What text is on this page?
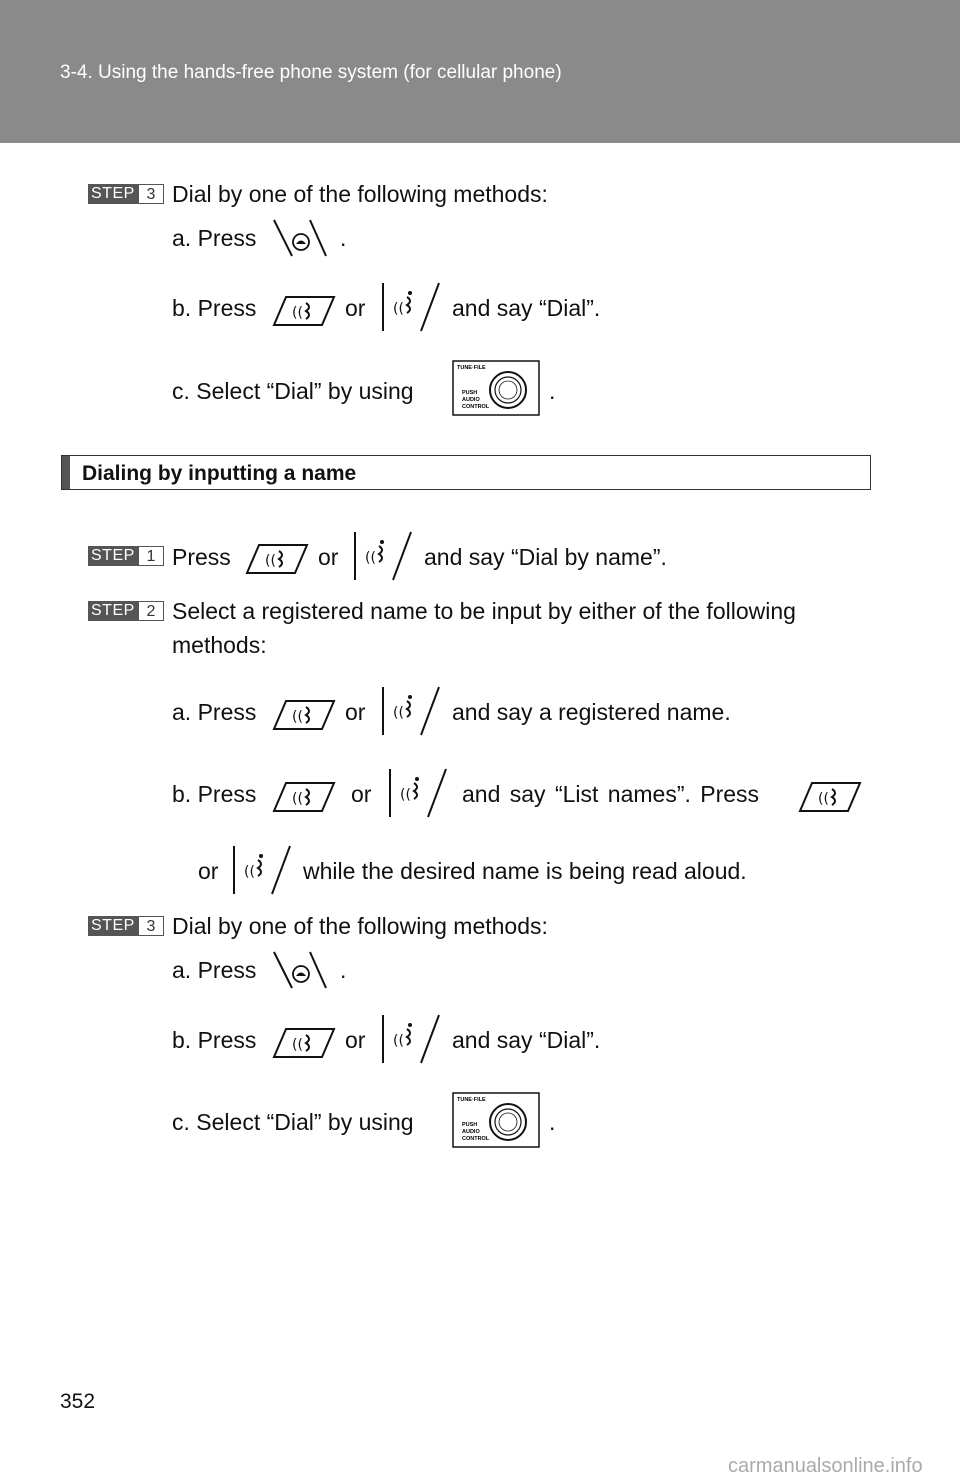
3-4. Using the hands-free phone system (for cellular phone)
STEP 3 Dial by one of the following methods:
a. Press	.
b. Press	(( or (( and say “Dial”.
c. Select “Dial” by using
TUNE·FILE
PUSH
AUDIO
CONTROL
.
Dialing by inputting a name
STEP 1 Press (( or (( and say “Dial by name”.
STEP 2 Select a registered name to be input by either of the following
methods:
a. Press	(( or (( and say a registered name.
b. Press	(( or (( and say “List names”. Press	((
or (( while the desired name is being read aloud.
STEP 3 Dial by one of the following methods:
a. Press	.
b. Press	(( or (( and say “Dial”.
c. Select “Dial” by using
TUNE·FILE
PUSH
AUDIO
CONTROL
.
352
carmanualsonline.info
